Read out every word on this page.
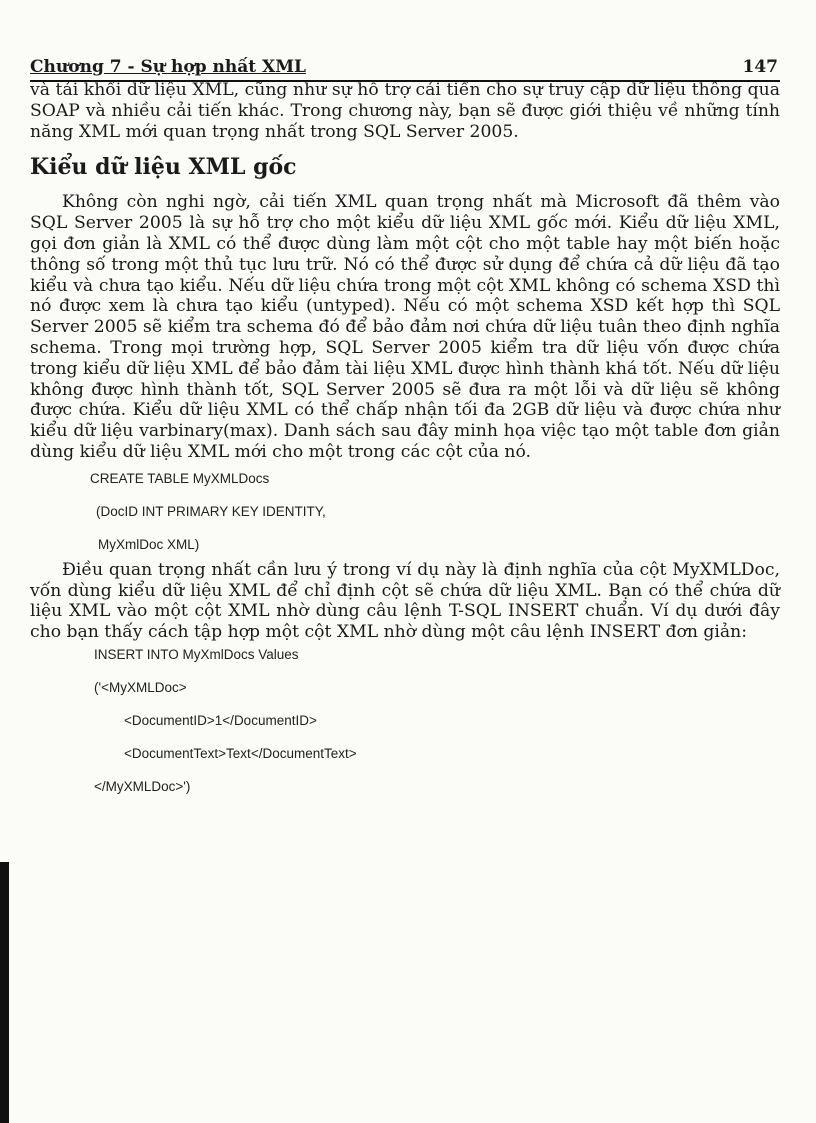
Chương 7 - Sự hợp nhất XML	147

và tải khối dữ liệu XML, cũng như sự hỗ trợ cải tiến cho sự truy cập dữ liệu thông qua SOAP và nhiều cải tiến khác. Trong chương này, bạn sẽ được giới thiệu về những tính năng XML mới quan trọng nhất trong SQL Server 2005.

Kiểu dữ liệu XML gốc

Không còn nghi ngờ, cải tiến XML quan trọng nhất mà Microsoft đã thêm vào SQL Server 2005 là sự hỗ trợ cho một kiểu dữ liệu XML gốc mới. Kiểu dữ liệu XML, gọi đơn giản là XML có thể được dùng làm một cột cho một table hay một biến hoặc thông số trong một thủ tục lưu trữ. Nó có thể được sử dụng để chứa cả dữ liệu đã tạo kiểu và chưa tạo kiểu. Nếu dữ liệu chứa trong một cột XML không có schema XSD thì nó được xem là chưa tạo kiểu (untyped). Nếu có một schema XSD kết hợp thì SQL Server 2005 sẽ kiểm tra schema đó để bảo đảm nơi chứa dữ liệu tuân theo định nghĩa schema. Trong mọi trường hợp, SQL Server 2005 kiểm tra dữ liệu vốn được chứa trong kiểu dữ liệu XML để bảo đảm tài liệu XML được hình thành khá tốt. Nếu dữ liệu không được hình thành tốt, SQL Server 2005 sẽ đưa ra một lỗi và dữ liệu sẽ không được chứa. Kiểu dữ liệu XML có thể chấp nhận tối đa 2GB dữ liệu và được chứa như kiểu dữ liệu varbinary(max). Danh sách sau đây minh họa việc tạo một table đơn giản dùng kiểu dữ liệu XML mới cho một trong các cột của nó.

CREATE TABLE MyXMLDocs
(DocID INT PRIMARY KEY IDENTITY,
MyXmlDoc XML)

Điều quan trọng nhất cần lưu ý trong ví dụ này là định nghĩa của cột MyXMLDoc, vốn dùng kiểu dữ liệu XML để chỉ định cột sẽ chứa dữ liệu XML. Bạn có thể chứa dữ liệu XML vào một cột XML nhờ dùng câu lệnh T-SQL INSERT chuẩn. Ví dụ dưới đây cho bạn thấy cách tập hợp một cột XML nhờ dùng một câu lệnh INSERT đơn giản:

INSERT INTO MyXmlDocs Values
('<MyXMLDoc>
<DocumentID>1</DocumentID>
<DocumentText>Text</DocumentText>
</MyXMLDoc>')
